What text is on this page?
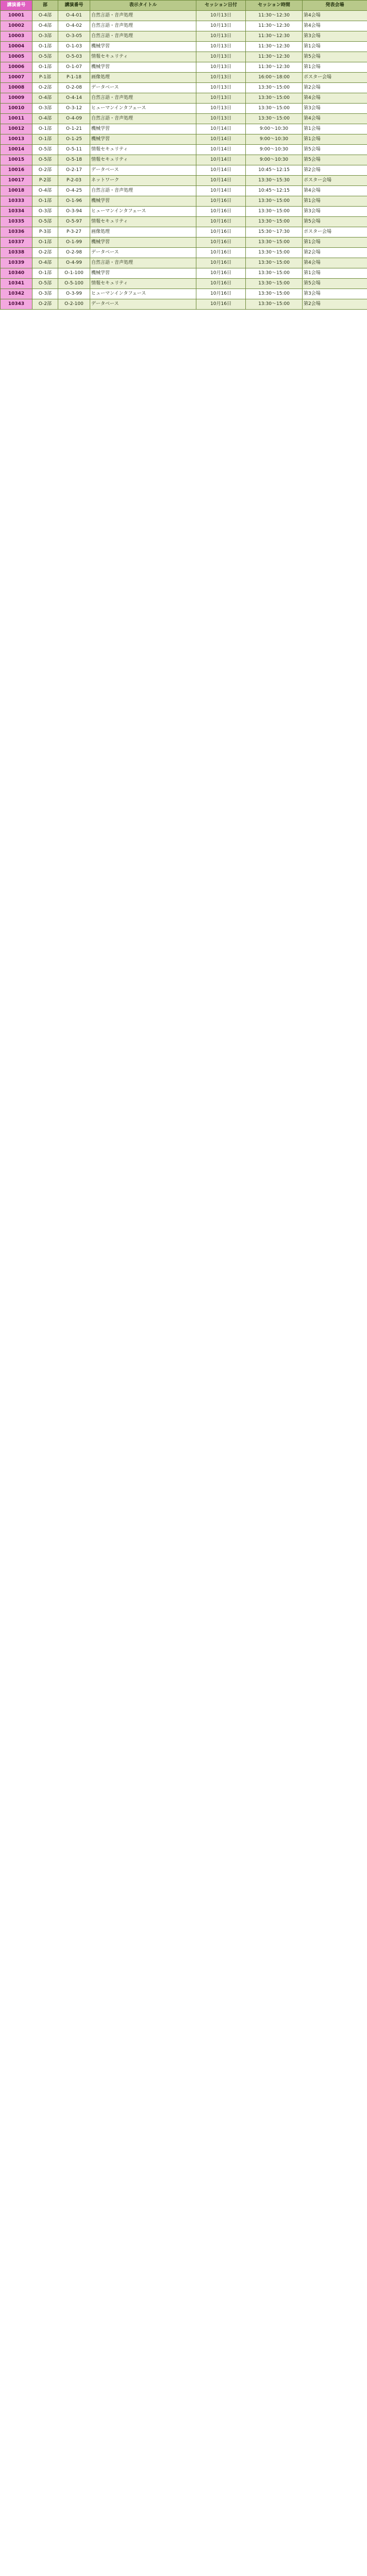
講演番号	部	講演番号	表示タイトル	セッション日付	セッション時間	発表会場
10001	O-4部	O-4-01	自然言語・音声処理	10月13日	11:30〜12:30	第4会場
10002	O-4部	O-4-02	自然言語・音声処理	10月13日	11:30〜12:30	第4会場
10003	O-3部	O-3-05	自然言語・音声処理	10月13日	11:30〜12:30	第3会場
10004	O-1部	O-1-03	機械学習	10月13日	11:30〜12:30	第1会場
10005	O-5部	O-5-03	情報セキュリティ	10月13日	11:30〜12:30	第5会場
10006	O-1部	O-1-07	機械学習	10月13日	11:30〜12:30	第1会場
10007	P-1部	P-1-18	画像処理	10月13日	16:00〜18:00	ポスター会場
10008	O-2部	O-2-08	データベース	10月13日	13:30〜15:00	第2会場
10009	O-4部	O-4-14	自然言語・音声処理	10月13日	13:30〜15:00	第4会場
10010	O-3部	O-3-12	ヒューマンインタフェース	10月13日	13:30〜15:00	第3会場
10011	O-4部	O-4-09	自然言語・音声処理	10月13日	13:30〜15:00	第4会場
10012	O-1部	O-1-21	機械学習	10月14日	9:00〜10:30	第1会場
10013	O-1部	O-1-25	機械学習	10月14日	9:00〜10:30	第1会場
10014	O-5部	O-5-11	情報セキュリティ	10月14日	9:00〜10:30	第5会場
10015	O-5部	O-5-18	情報セキュリティ	10月14日	9:00〜10:30	第5会場
10016	O-2部	O-2-17	データベース	10月14日	10:45〜12:15	第2会場
10017	P-2部	P-2-03	ネットワーク	10月14日	13:30〜15:30	ポスター会場
10018	O-4部	O-4-25	自然言語・音声処理	10月14日	10:45〜12:15	第4会場
10333	O-1部	O-1-96	機械学習	10月16日	13:30〜15:00	第1会場
10334	O-3部	O-3-94	ヒューマンインタフェース	10月16日	13:30〜15:00	第3会場
10335	O-5部	O-5-97	情報セキュリティ	10月16日	13:30〜15:00	第5会場
10336	P-3部	P-3-27	画像処理	10月16日	15:30〜17:30	ポスター会場
10337	O-1部	O-1-99	機械学習	10月16日	13:30〜15:00	第1会場
10338	O-2部	O-2-98	データベース	10月16日	13:30〜15:00	第2会場
10339	O-4部	O-4-99	自然言語・音声処理	10月16日	13:30〜15:00	第4会場
10340	O-1部	O-1-100	機械学習	10月16日	13:30〜15:00	第1会場
10341	O-5部	O-5-100	情報セキュリティ	10月16日	13:30〜15:00	第5会場
10342	O-3部	O-3-99	ヒューマンインタフェース	10月16日	13:30〜15:00	第3会場
10343	O-2部	O-2-100	データベース	10月16日	13:30〜15:00	第2会場
